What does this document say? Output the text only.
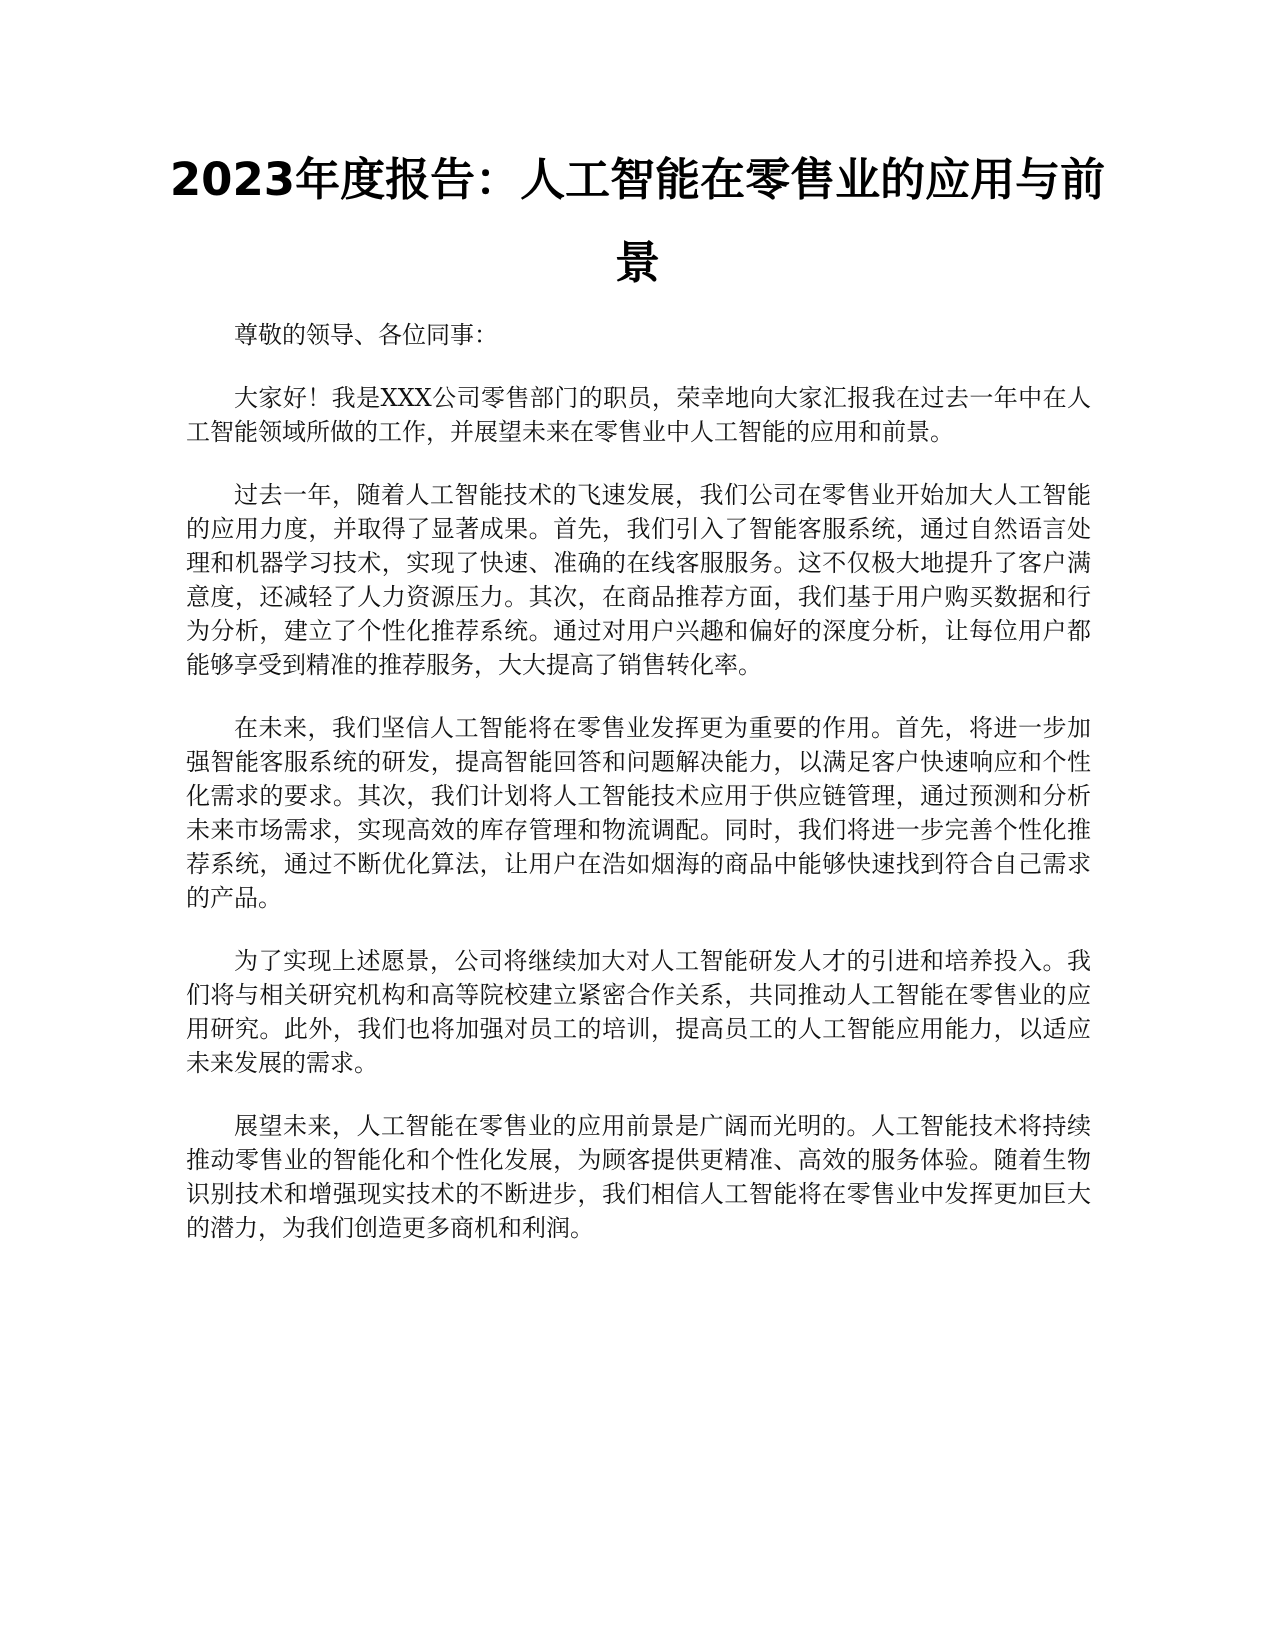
2023年度报告：人工智能在零售业的应用与前景

尊敬的领导、各位同事：

大家好！我是XXX公司零售部门的职员，荣幸地向大家汇报我在过去一年中在人工智能领域所做的工作，并展望未来在零售业中人工智能的应用和前景。

过去一年，随着人工智能技术的飞速发展，我们公司在零售业开始加大人工智能的应用力度，并取得了显著成果。首先，我们引入了智能客服系统，通过自然语言处理和机器学习技术，实现了快速、准确的在线客服服务。这不仅极大地提升了客户满意度，还减轻了人力资源压力。其次，在商品推荐方面，我们基于用户购买数据和行为分析，建立了个性化推荐系统。通过对用户兴趣和偏好的深度分析，让每位用户都能够享受到精准的推荐服务，大大提高了销售转化率。

在未来，我们坚信人工智能将在零售业发挥更为重要的作用。首先，将进一步加强智能客服系统的研发，提高智能回答和问题解决能力，以满足客户快速响应和个性化需求的要求。其次，我们计划将人工智能技术应用于供应链管理，通过预测和分析未来市场需求，实现高效的库存管理和物流调配。同时，我们将进一步完善个性化推荐系统，通过不断优化算法，让用户在浩如烟海的商品中能够快速找到符合自己需求的产品。

为了实现上述愿景，公司将继续加大对人工智能研发人才的引进和培养投入。我们将与相关研究机构和高等院校建立紧密合作关系，共同推动人工智能在零售业的应用研究。此外，我们也将加强对员工的培训，提高员工的人工智能应用能力，以适应未来发展的需求。

展望未来，人工智能在零售业的应用前景是广阔而光明的。人工智能技术将持续推动零售业的智能化和个性化发展，为顾客提供更精准、高效的服务体验。随着生物识别技术和增强现实技术的不断进步，我们相信人工智能将在零售业中发挥更加巨大的潜力，为我们创造更多商机和利润。
